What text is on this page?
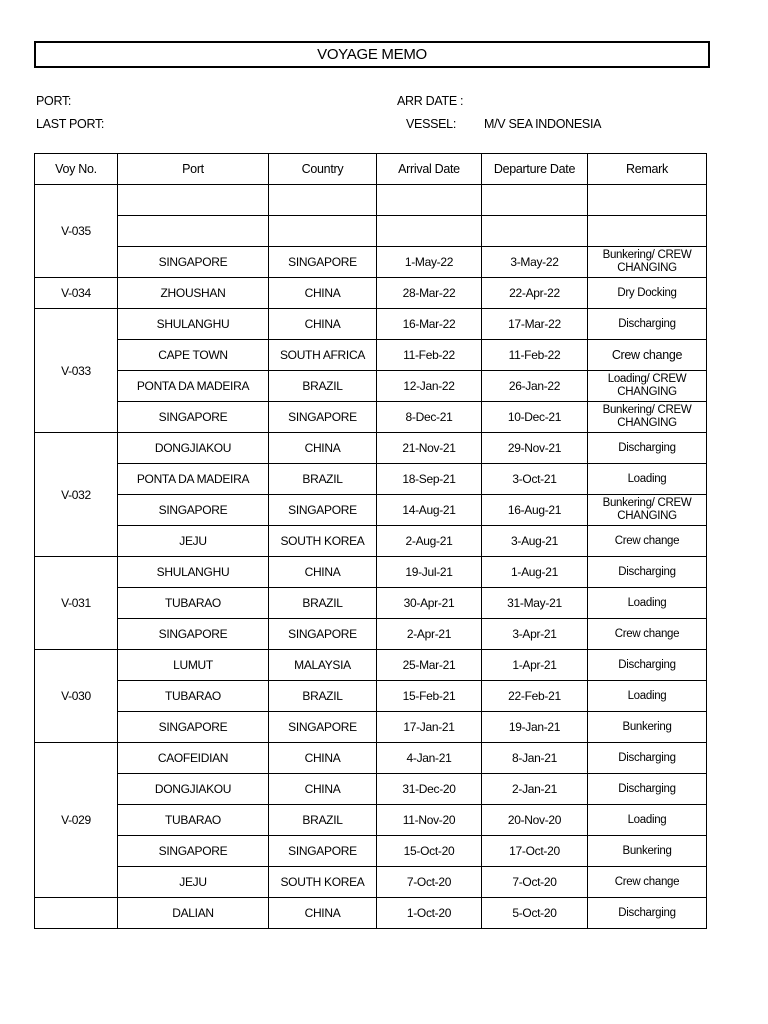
VOYAGE MEMO
PORT:	ARR DATE :
LAST PORT:	VESSEL: M/V SEA INDONESIA
Voy No.	Port	Country	Arrival Date	Departure Date	Remark
V-035					

	SINGAPORE	SINGAPORE	1-May-22	3-May-22	Bunkering/ CREW CHANGING
V-034	ZHOUSHAN	CHINA	28-Mar-22	22-Apr-22	Dry Docking
V-033	SHULANGHU	CHINA	16-Mar-22	17-Mar-22	Discharging
	CAPE TOWN	SOUTH AFRICA	11-Feb-22	11-Feb-22	Crew change
	PONTA DA MADEIRA	BRAZIL	12-Jan-22	26-Jan-22	Loading/ CREW CHANGING
	SINGAPORE	SINGAPORE	8-Dec-21	10-Dec-21	Bunkering/ CREW CHANGING
V-032	DONGJIAKOU	CHINA	21-Nov-21	29-Nov-21	Discharging
	PONTA DA MADEIRA	BRAZIL	18-Sep-21	3-Oct-21	Loading
	SINGAPORE	SINGAPORE	14-Aug-21	16-Aug-21	Bunkering/ CREW CHANGING
	JEJU	SOUTH KOREA	2-Aug-21	3-Aug-21	Crew change
V-031	SHULANGHU	CHINA	19-Jul-21	1-Aug-21	Discharging
	TUBARAO	BRAZIL	30-Apr-21	31-May-21	Loading
	SINGAPORE	SINGAPORE	2-Apr-21	3-Apr-21	Crew change
V-030	LUMUT	MALAYSIA	25-Mar-21	1-Apr-21	Discharging
	TUBARAO	BRAZIL	15-Feb-21	22-Feb-21	Loading
	SINGAPORE	SINGAPORE	17-Jan-21	19-Jan-21	Bunkering
V-029	CAOFEIDIAN	CHINA	4-Jan-21	8-Jan-21	Discharging
	DONGJIAKOU	CHINA	31-Dec-20	2-Jan-21	Discharging
	TUBARAO	BRAZIL	11-Nov-20	20-Nov-20	Loading
	SINGAPORE	SINGAPORE	15-Oct-20	17-Oct-20	Bunkering
	JEJU	SOUTH KOREA	7-Oct-20	7-Oct-20	Crew change
	DALIAN	CHINA	1-Oct-20	5-Oct-20	Discharging
